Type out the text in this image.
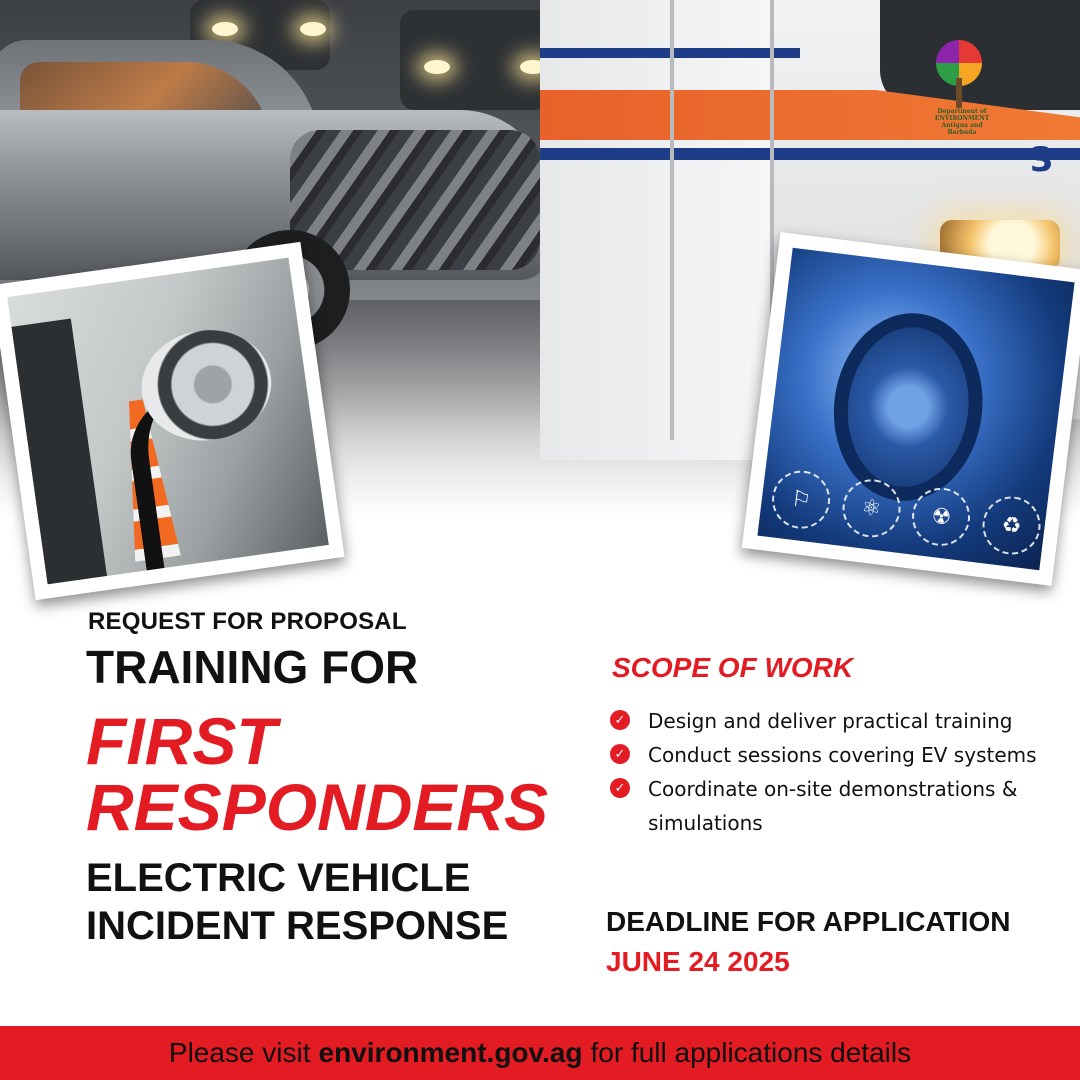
3
Department of
ENVIRONMENT
Antigua and Barbuda
⚐	⚛	☢	♻
REQUEST FOR PROPOSAL
TRAINING FOR
FIRST
RESPONDERS
ELECTRIC VEHICLE
INCIDENT RESPONSE
SCOPE OF WORK
✓ Design and deliver practical training
✓ Conduct sessions covering EV systems
✓ Coordinate on-site demonstrations & simulations
DEADLINE FOR APPLICATION
JUNE 24 2025
Please visit environment.gov.ag for full applications details
